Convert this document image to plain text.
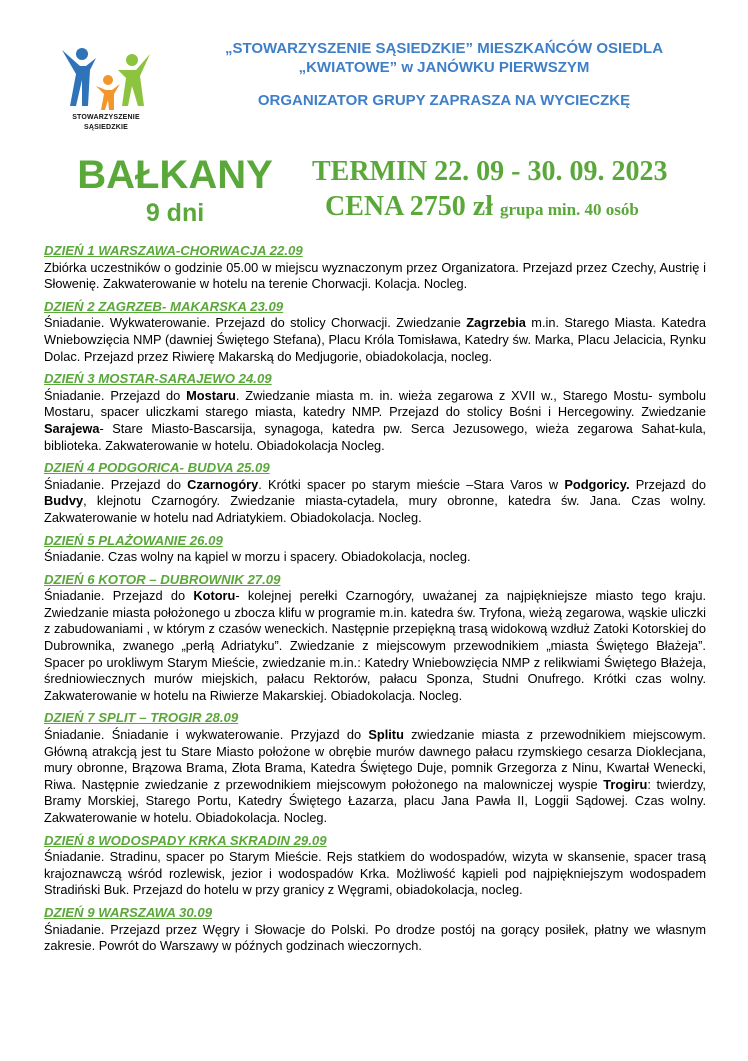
STOWARZYSZENIE
SĄSIEDZKIE
„STOWARZYSZENIE SĄSIEDZKIE” MIESZKAŃCÓW OSIEDLA
„KWIATOWE” w JANÓWKU PIERWSZYM
ORGANIZATOR GRUPY ZAPRASZA NA WYCIECZKĘ
BAŁKANY
9 dni
TERMIN 22. 09 - 30. 09. 2023
CENA 2750 zł grupa min. 40 osób

DZIEŃ 1 WARSZAWA-CHORWACJA 22.09

Zbiórka uczestników o godzinie 05.00 w miejscu wyznaczonym przez Organizatora. Przejazd przez Czechy, Austrię i Słowenię. Zakwaterowanie w hotelu na terenie Chorwacji. Kolacja. Nocleg.

DZIEŃ 2 ZAGRZEB- MAKARSKA 23.09

Śniadanie. Wykwaterowanie. Przejazd do stolicy Chorwacji. Zwiedzanie Zagrzebia m.in. Starego Miasta. Katedra Wniebowzięcia NMP (dawniej Świętego Stefana), Placu Króla Tomisława, Katedry św. Marka, Placu Jelacicia, Rynku Dolac. Przejazd przez Riwierę Makarską do Medjugorie, obiadokolacja, nocleg.

DZIEŃ 3 MOSTAR-SARAJEWO 24.09

Śniadanie. Przejazd do Mostaru. Zwiedzanie miasta m. in. wieża zegarowa z XVII w., Starego Mostu- symbolu Mostaru, spacer uliczkami starego miasta, katedry NMP. Przejazd do stolicy Bośni i Hercegowiny. Zwiedzanie Sarajewa- Stare Miasto-Bascarsija, synagoga, katedra pw. Serca Jezusowego, wieża zegarowa Sahat-kula, biblioteka. Zakwaterowanie w hotelu. Obiadokolacja Nocleg.

DZIEŃ 4 PODGORICA- BUDVA 25.09

Śniadanie. Przejazd do Czarnogóry. Krótki spacer po starym mieście –Stara Varos w Podgoricy. Przejazd do Budvy, klejnotu Czarnogóry. Zwiedzanie miasta-cytadela, mury obronne, katedra św. Jana. Czas wolny. Zakwaterowanie w hotelu nad Adriatykiem. Obiadokolacja. Nocleg.

DZIEŃ 5 PLAŻOWANIE 26.09

Śniadanie. Czas wolny na kąpiel w morzu i spacery. Obiadokolacja, nocleg.

DZIEŃ 6 KOTOR – DUBROWNIK 27.09

Śniadanie. Przejazd do Kotoru- kolejnej perełki Czarnogóry, uważanej za najpiękniejsze miasto tego kraju. Zwiedzanie miasta położonego u zbocza klifu w programie m.in. katedra św. Tryfona, wieżą zegarowa, wąskie uliczki z zabudowaniami , w którym z czasów weneckich. Następnie przepiękną trasą widokową wzdłuż Zatoki Kotorskiej do Dubrownika, zwanego „perłą Adriatyku”. Zwiedzanie z miejscowym przewodnikiem „miasta Świętego Błażeja”. Spacer po urokliwym Starym Mieście, zwiedzanie m.in.: Katedry Wniebowzięcia NMP z relikwiami Świętego Błażeja, średniowiecznych murów miejskich, pałacu Rektorów, pałacu Sponza, Studni Onufrego. Krótki czas wolny. Zakwaterowanie w hotelu na Riwierze Makarskiej. Obiadokolacja. Nocleg.

DZIEŃ 7 SPLIT – TROGIR 28.09

Śniadanie. Śniadanie i wykwaterowanie. Przyjazd do Splitu zwiedzanie miasta z przewodnikiem miejscowym. Główną atrakcją jest tu Stare Miasto położone w obrębie murów dawnego pałacu rzymskiego cesarza Dioklecjana, mury obronne, Brązowa Brama, Złota Brama, Katedra Świętego Duje, pomnik Grzegorza z Ninu, Kwartał Wenecki, Riwa. Następnie zwiedzanie z przewodnikiem miejscowym położonego na malowniczej wyspie Trogiru: twierdzy, Bramy Morskiej, Starego Portu, Katedry Świętego Łazarza, placu Jana Pawła II, Loggii Sądowej. Czas wolny. Zakwaterowanie w hotelu. Obiadokolacja. Nocleg.

DZIEŃ 8 WODOSPADY KRKA SKRADIN 29.09

Śniadanie. Stradinu, spacer po Starym Mieście. Rejs statkiem do wodospadów, wizyta w skansenie, spacer trasą krajoznawczą wśród rozlewisk, jezior i wodospadów Krka. Możliwość kąpieli pod najpiękniejszym wodospadem Stradiński Buk. Przejazd do hotelu w przy granicy z Węgrami, obiadokolacja, nocleg.

DZIEŃ 9 WARSZAWA 30.09

Śniadanie. Przejazd przez Węgry i Słowacje do Polski. Po drodze postój na gorący posiłek, płatny we własnym zakresie. Powrót do Warszawy w późnych godzinach wieczornych.
